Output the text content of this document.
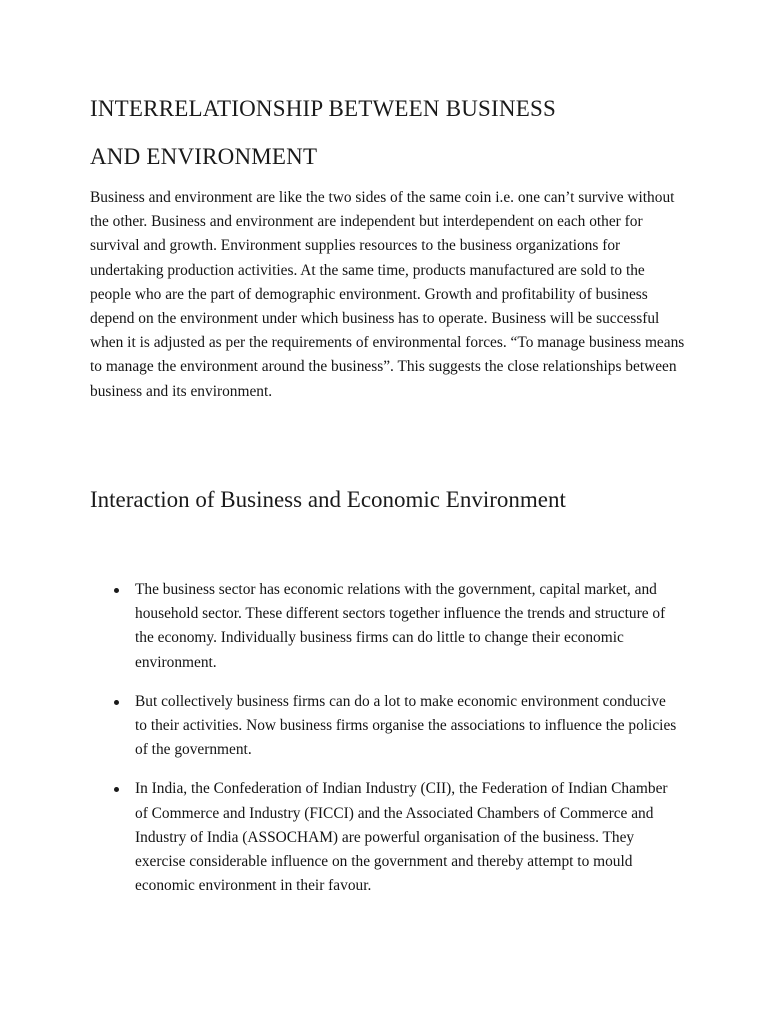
INTERRELATIONSHIP BETWEEN BUSINESS
AND ENVIRONMENT

Business and environment are like the two sides of the same coin i.e. one can’t survive without the other. Business and environment are independent but interdependent on each other for survival and growth. Environment supplies resources to the business organizations for undertaking production activities. At the same time, products manufactured are sold to the people who are the part of demographic environment. Growth and profitability of business depend on the environment under which business has to operate. Business will be successful when it is adjusted as per the requirements of environmental forces. “To manage business means to manage the environment around the business”. This suggests the close relationships between business and its environment.

Interaction of Business and Economic Environment
The business sector has economic relations with the government, capital market, and household sector. These different sectors together influence the trends and structure of the economy. Individually business firms can do little to change their economic environment.
But collectively business firms can do a lot to make economic environment conducive to their activities. Now business firms organise the associations to influence the policies of the government.
In India, the Confederation of Indian Industry (CII), the Federation of Indian Chamber of Commerce and Industry (FICCI) and the Associated Chambers of Commerce and Industry of India (ASSOCHAM) are powerful organisation of the business. They exercise considerable influence on the government and thereby attempt to mould economic environment in their favour.
